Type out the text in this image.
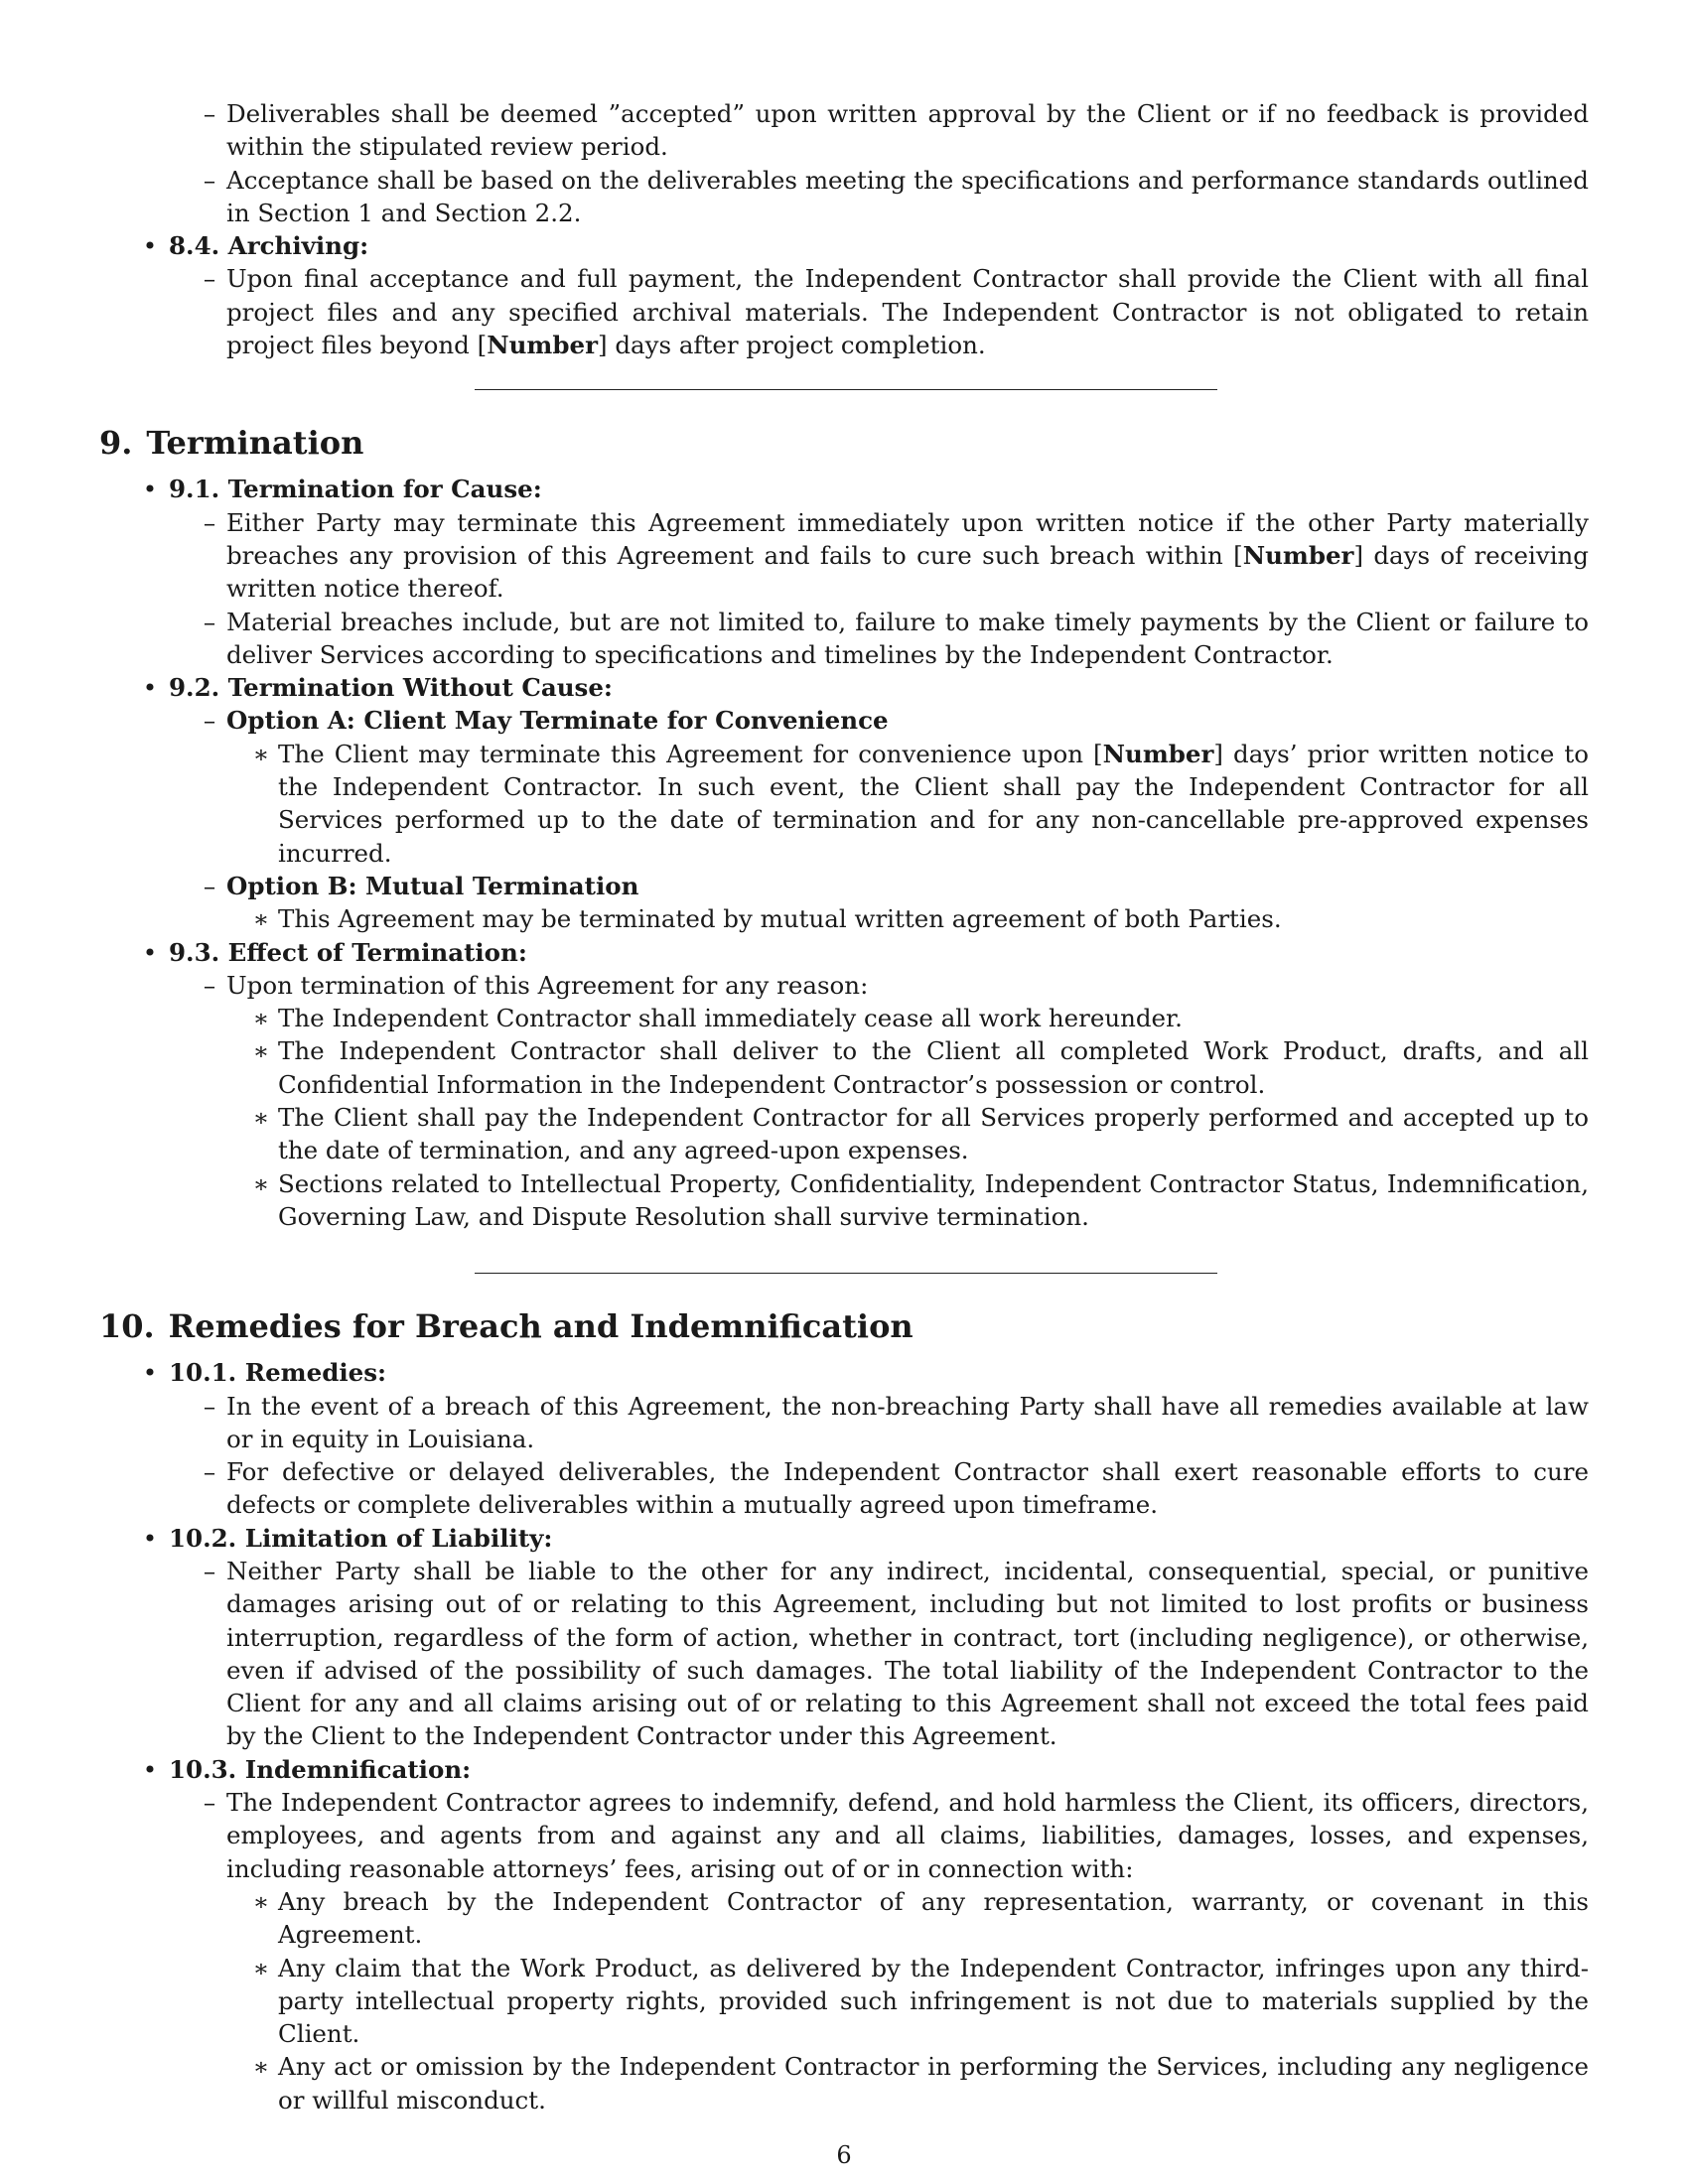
– Deliverables shall be deemed ”accepted” upon written approval by the Client or if no feedback is provided within the stipulated review period.
– Acceptance shall be based on the deliverables meeting the specifications and performance standards outlined in Section 1 and Section 2.2.
• 8.4. Archiving:
– Upon final acceptance and full payment, the Independent Contractor shall provide the Client with all final project files and any specified archival materials. The Independent Contractor is not obligated to retain project files beyond [Number] days after project completion.
9. Termination
• 9.1. Termination for Cause:
– Either Party may terminate this Agreement immediately upon written notice if the other Party materially breaches any provision of this Agreement and fails to cure such breach within [Number] days of receiving written notice thereof.
– Material breaches include, but are not limited to, failure to make timely payments by the Client or failure to deliver Services according to specifications and timelines by the Independent Contractor.
• 9.2. Termination Without Cause:
– Option A: Client May Terminate for Convenience
∗ The Client may terminate this Agreement for convenience upon [Number] days’ prior written notice to the Independent Contractor. In such event, the Client shall pay the Independent Contractor for all Services performed up to the date of termination and for any non-cancellable pre-approved expenses incurred.
– Option B: Mutual Termination
∗ This Agreement may be terminated by mutual written agreement of both Parties.
• 9.3. Effect of Termination:
– Upon termination of this Agreement for any reason:
∗ The Independent Contractor shall immediately cease all work hereunder.
∗ The Independent Contractor shall deliver to the Client all completed Work Product, drafts, and all Confidential Information in the Independent Contractor’s possession or control.
∗ The Client shall pay the Independent Contractor for all Services properly performed and accepted up to the date of termination, and any agreed-upon expenses.
∗ Sections related to Intellectual Property, Confidentiality, Independent Contractor Status, Indemnification, Governing Law, and Dispute Resolution shall survive termination.
10. Remedies for Breach and Indemnification
• 10.1. Remedies:
– In the event of a breach of this Agreement, the non-breaching Party shall have all remedies available at law or in equity in Louisiana.
– For defective or delayed deliverables, the Independent Contractor shall exert reasonable efforts to cure defects or complete deliverables within a mutually agreed upon timeframe.
• 10.2. Limitation of Liability:
– Neither Party shall be liable to the other for any indirect, incidental, consequential, special, or punitive damages arising out of or relating to this Agreement, including but not limited to lost profits or business interruption, regardless of the form of action, whether in contract, tort (including negligence), or otherwise, even if advised of the possibility of such damages. The total liability of the Independent Contractor to the Client for any and all claims arising out of or relating to this Agreement shall not exceed the total fees paid by the Client to the Independent Contractor under this Agreement.
• 10.3. Indemnification:
– The Independent Contractor agrees to indemnify, defend, and hold harmless the Client, its officers, directors, employees, and agents from and against any and all claims, liabilities, damages, losses, and expenses, including reasonable attorneys’ fees, arising out of or in connection with:
∗ Any breach by the Independent Contractor of any representation, warranty, or covenant in this Agreement.
∗ Any claim that the Work Product, as delivered by the Independent Contractor, infringes upon any third-party intellectual property rights, provided such infringement is not due to materials supplied by the Client.
∗ Any act or omission by the Independent Contractor in performing the Services, including any negligence or willful misconduct.
6
